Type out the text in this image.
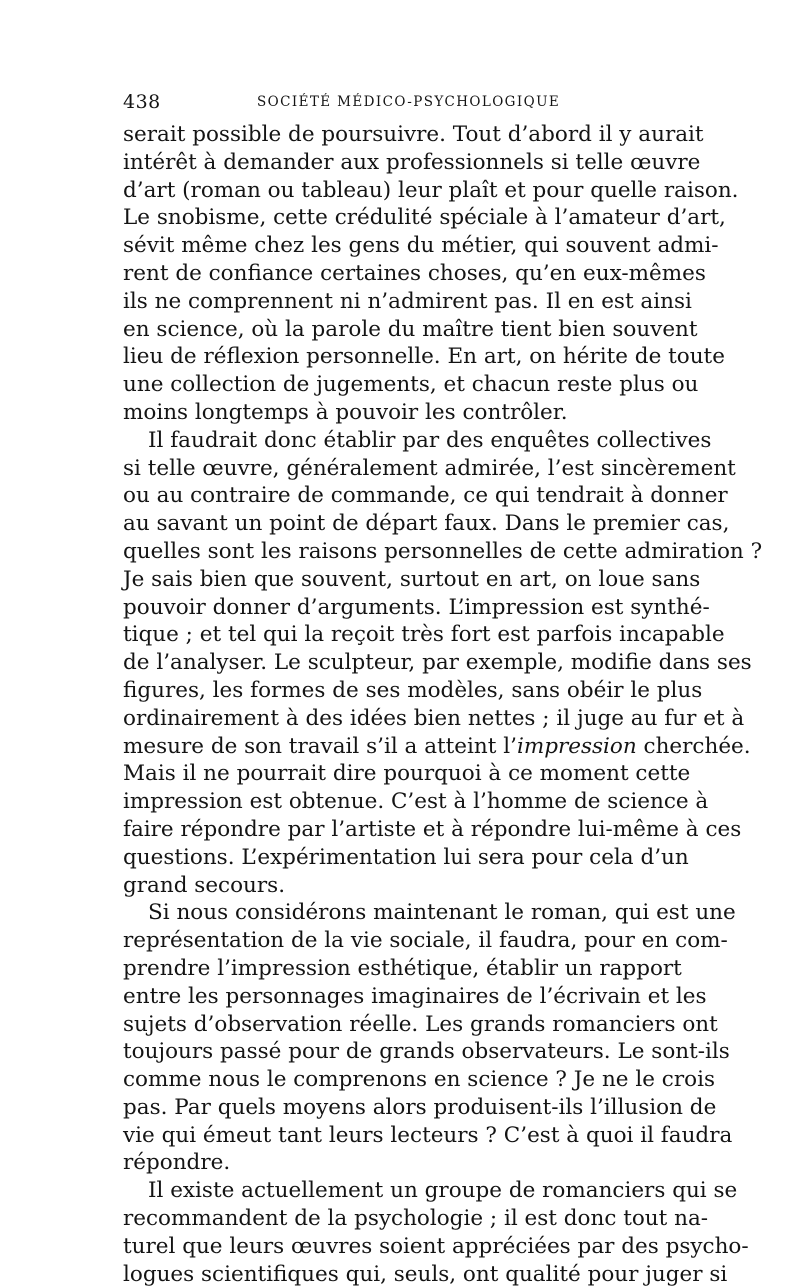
438	SOCIÉTÉ MÉDICO-PSYCHOLOGIQUE
serait possible de poursuivre. Tout d’abord il y aurait
intérêt à demander aux professionnels si telle œuvre
d’art (roman ou tableau) leur plaît et pour quelle raison.
Le snobisme, cette crédulité spéciale à l’amateur d’art,
sévit même chez les gens du métier, qui souvent admi-
rent de confiance certaines choses, qu’en eux-mêmes
ils ne comprennent ni n’admirent pas. Il en est ainsi
en science, où la parole du maître tient bien souvent
lieu de réflexion personnelle. En art, on hérite de toute
une collection de jugements, et chacun reste plus ou
moins longtemps à pouvoir les contrôler.
Il faudrait donc établir par des enquêtes collectives
si telle œuvre, généralement admirée, l’est sincèrement
ou au contraire de commande, ce qui tendrait à donner
au savant un point de départ faux. Dans le premier cas,
quelles sont les raisons personnelles de cette admiration ?
Je sais bien que souvent, surtout en art, on loue sans
pouvoir donner d’arguments. L’impression est synthé-
tique ; et tel qui la reçoit très fort est parfois incapable
de l’analyser. Le sculpteur, par exemple, modifie dans ses
figures, les formes de ses modèles, sans obéir le plus
ordinairement à des idées bien nettes ; il juge au fur et à
mesure de son travail s’il a atteint l’impression cherchée.
Mais il ne pourrait dire pourquoi à ce moment cette
impression est obtenue. C’est à l’homme de science à
faire répondre par l’artiste et à répondre lui-même à ces
questions. L’expérimentation lui sera pour cela d’un
grand secours.
Si nous considérons maintenant le roman, qui est une
représentation de la vie sociale, il faudra, pour en com-
prendre l’impression esthétique, établir un rapport
entre les personnages imaginaires de l’écrivain et les
sujets d’observation réelle. Les grands romanciers ont
toujours passé pour de grands observateurs. Le sont-ils
comme nous le comprenons en science ? Je ne le crois
pas. Par quels moyens alors produisent-ils l’illusion de
vie qui émeut tant leurs lecteurs ? C’est à quoi il faudra
répondre.
Il existe actuellement un groupe de romanciers qui se
recommandent de la psychologie ; il est donc tout na-
turel que leurs œuvres soient appréciées par des psycho-
logues scientifiques qui, seuls, ont qualité pour juger si
